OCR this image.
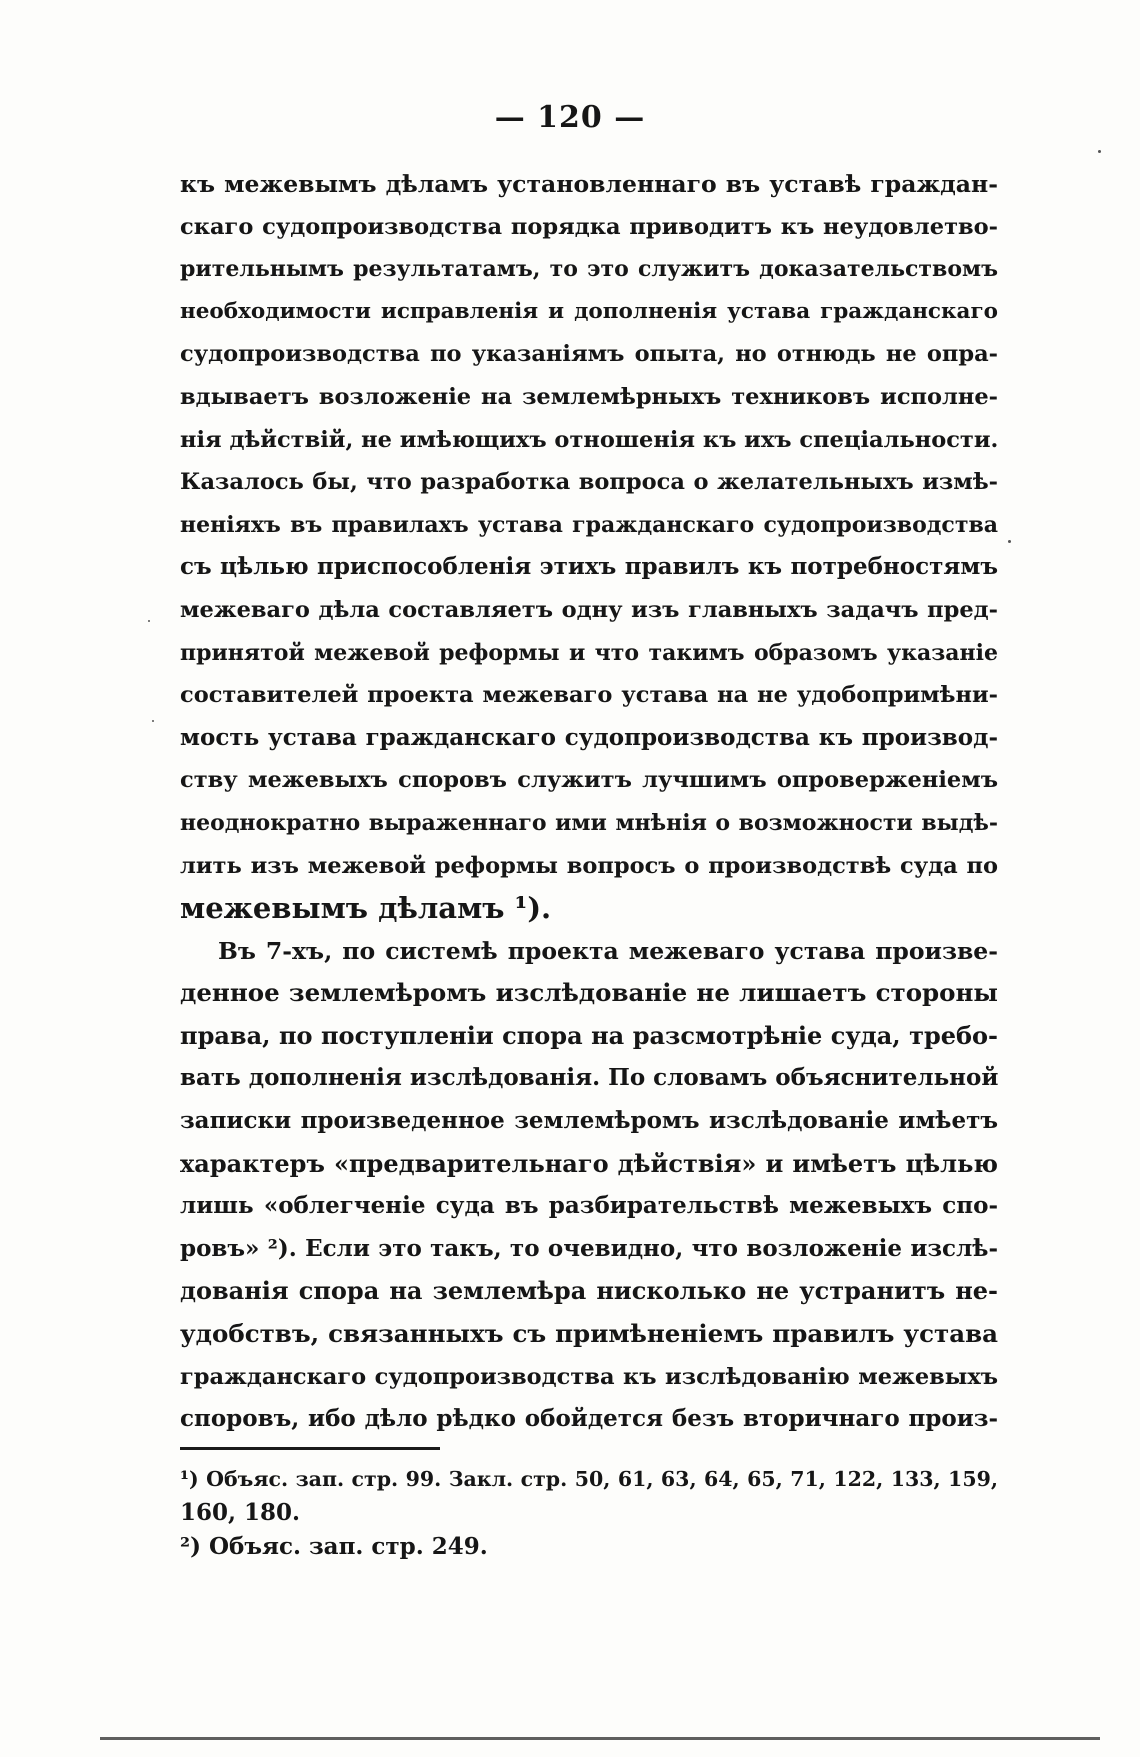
— 120 —
къ межевымъ дѣламъ установленнаго въ уставѣ граждан-
скаго судопроизводства порядка приводитъ къ неудовлетво-
рительнымъ результатамъ, то это служитъ доказательствомъ
необходимости исправленія и дополненія устава гражданскаго
судопроизводства по указаніямъ опыта, но отнюдь не опра-
вдываетъ возложеніе на землемѣрныхъ техниковъ исполне-
нія дѣйствій, не имѣющихъ отношенія къ ихъ спеціальности.
Казалось бы, что разработка вопроса о желательныхъ измѣ-
неніяхъ въ правилахъ устава гражданскаго судопроизводства
съ цѣлью приспособленія этихъ правилъ къ потребностямъ
межеваго дѣла составляетъ одну изъ главныхъ задачъ пред-
принятой межевой реформы и что такимъ образомъ указаніе
составителей проекта межеваго устава на не удобопримѣни-
мость устава гражданскаго судопроизводства къ производ-
ству межевыхъ споровъ служитъ лучшимъ опроверженіемъ
неоднократно выраженнаго ими мнѣнія о возможности выдѣ-
лить изъ межевой реформы вопросъ о производствѣ суда по
межевымъ дѣламъ ¹).
Въ 7-хъ, по системѣ проекта межеваго устава произве-
денное землемѣромъ изслѣдованіе не лишаетъ стороны
права, по поступленіи спора на разсмотрѣніе суда, требо-
вать дополненія изслѣдованія. По словамъ объяснительной
записки произведенное землемѣромъ изслѣдованіе имѣетъ
характеръ «предварительнаго дѣйствія» и имѣетъ цѣлью
лишь «облегченіе суда въ разбирательствѣ межевыхъ спо-
ровъ» ²). Если это такъ, то очевидно, что возложеніе изслѣ-
дованія спора на землемѣра нисколько не устранитъ не-
удобствъ, связанныхъ съ примѣненіемъ правилъ устава
гражданскаго судопроизводства къ изслѣдованію межевыхъ
споровъ, ибо дѣло рѣдко обойдется безъ вторичнаго произ-
¹) Объяс. зап. стр. 99. Закл. стр. 50, 61, 63, 64, 65, 71, 122, 133, 159,
160, 180.
²) Объяс. зап. стр. 249.
